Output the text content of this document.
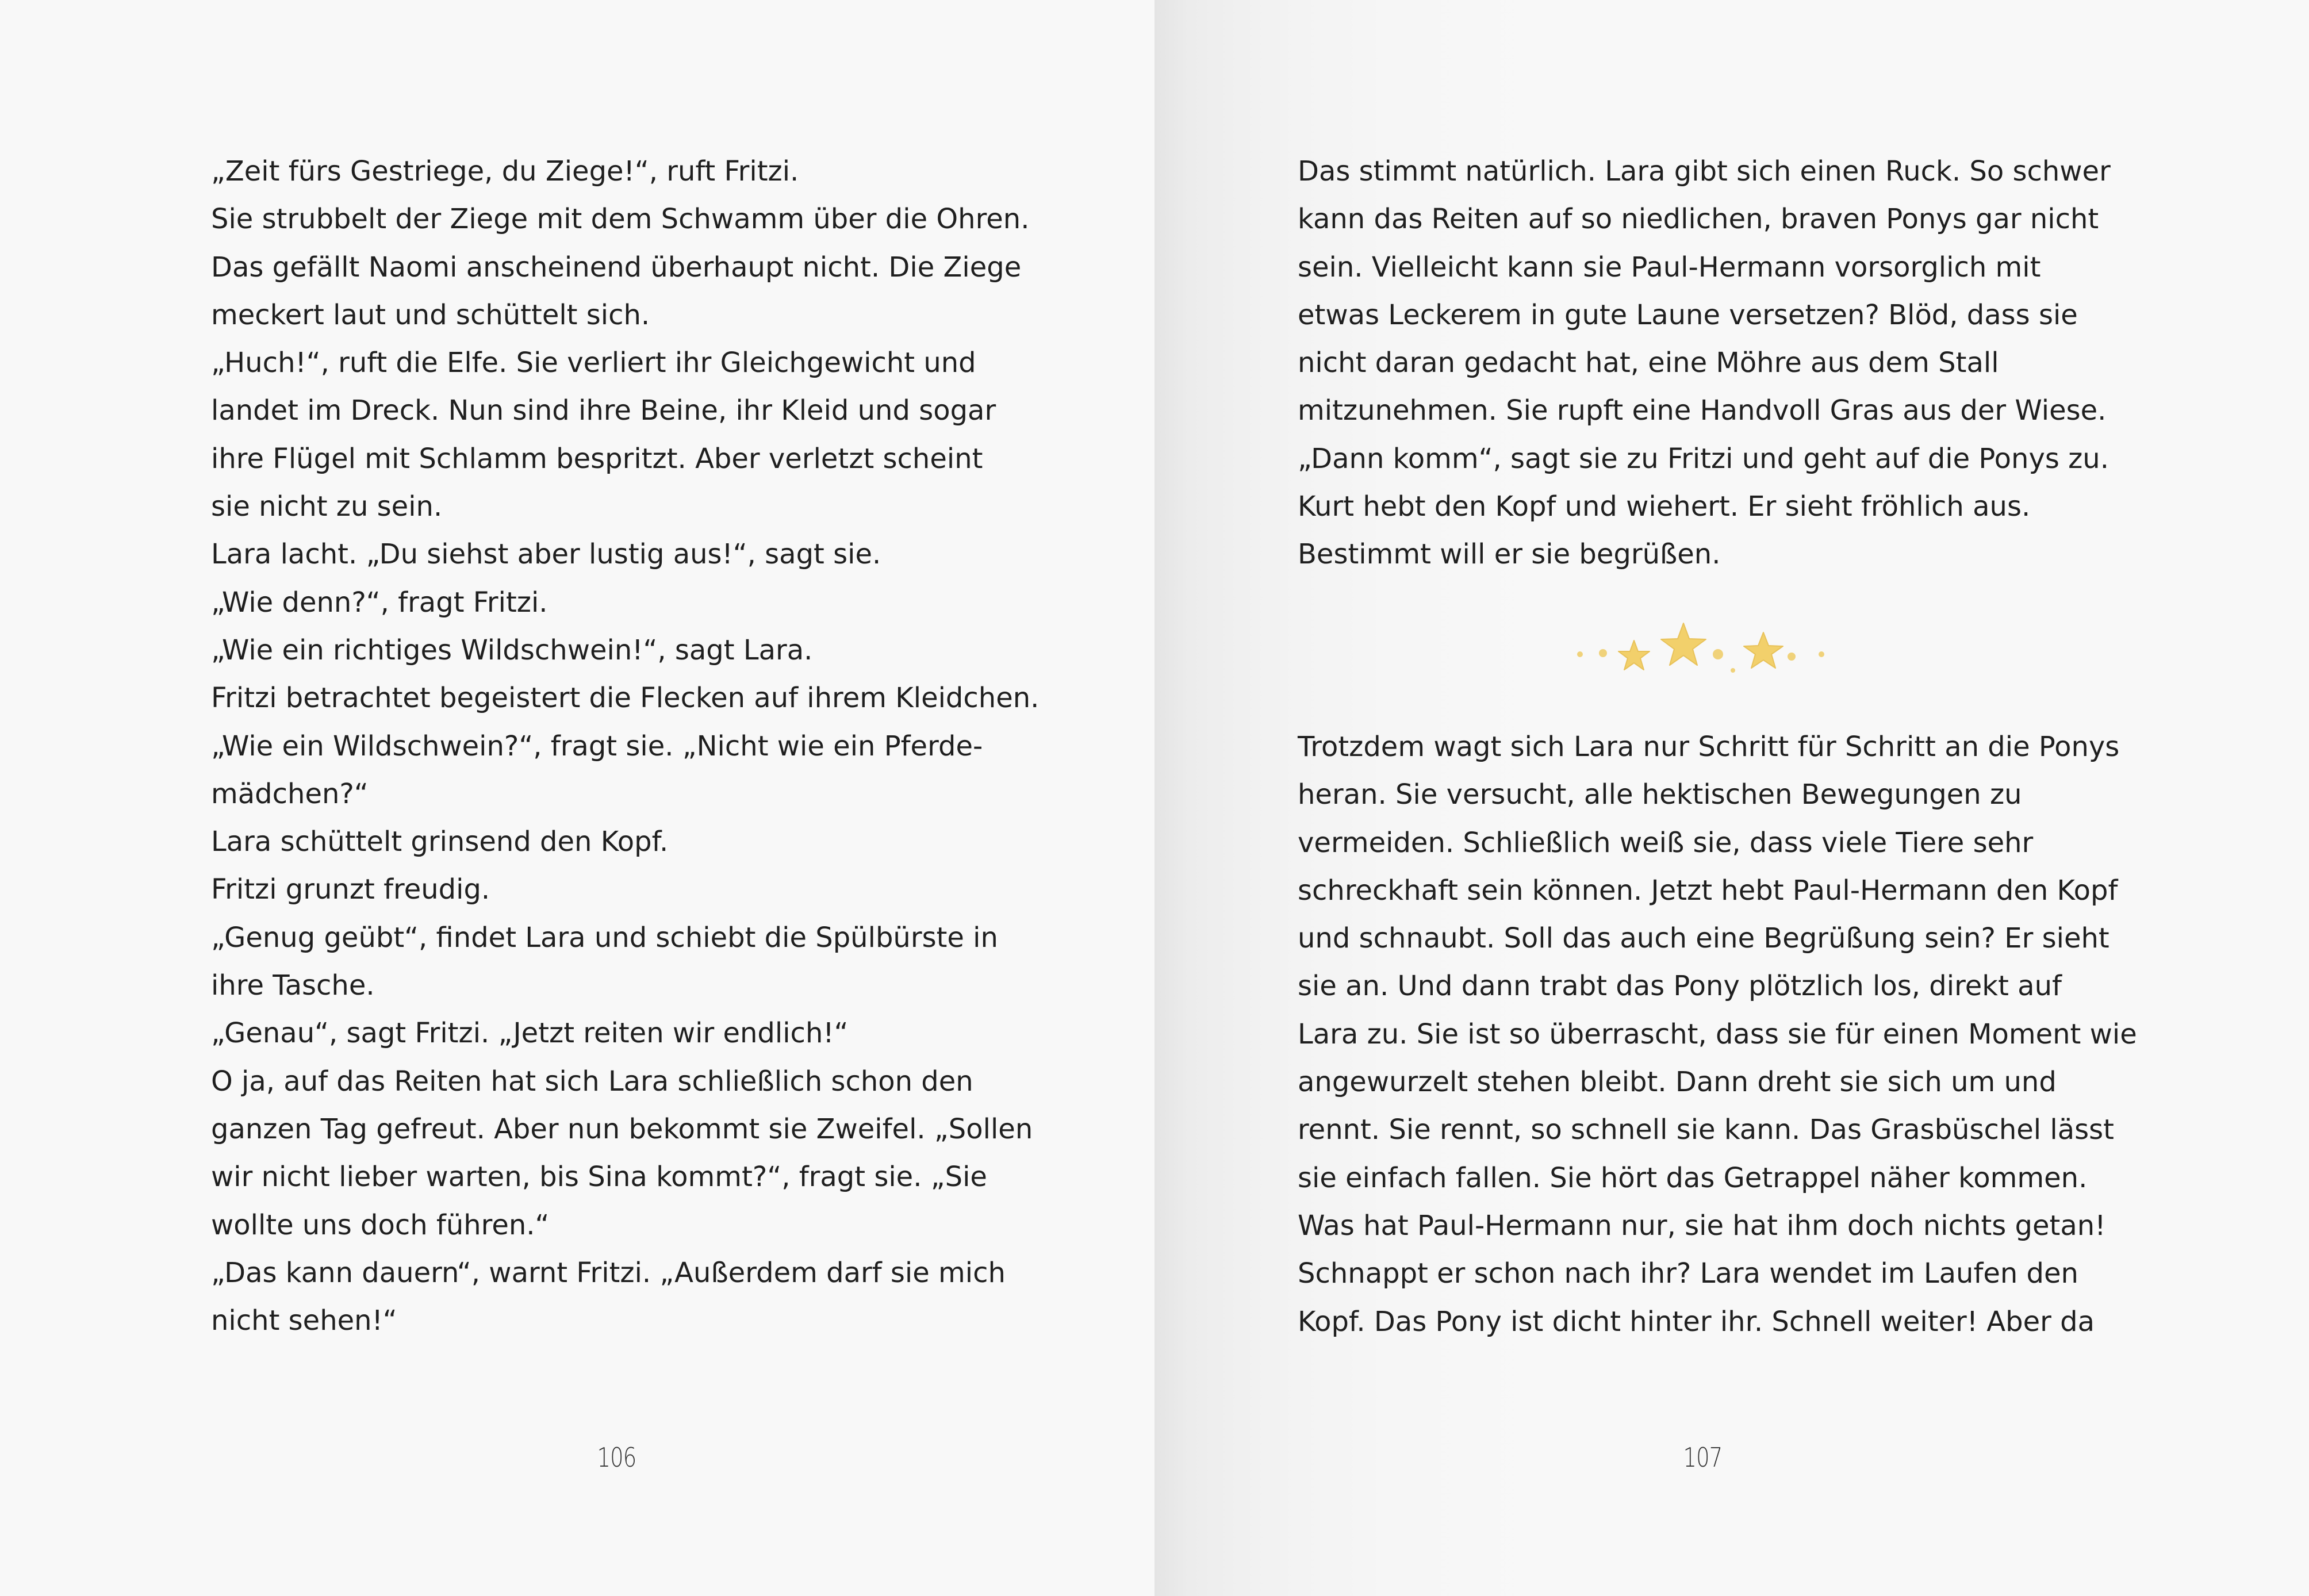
„Zeit fürs Gestriege, du Ziege!“, ruft Fritzi.
Sie strubbelt der Ziege mit dem Schwamm über die Ohren.
Das gefällt Naomi anscheinend überhaupt nicht. Die Ziege
meckert laut und schüttelt sich.
„Huch!“, ruft die Elfe. Sie verliert ihr Gleichgewicht und
landet im Dreck. Nun sind ihre Beine, ihr Kleid und sogar
ihre Flügel mit Schlamm bespritzt. Aber verletzt scheint
sie nicht zu sein.
Lara lacht. „Du siehst aber lustig aus!“, sagt sie.
„Wie denn?“, fragt Fritzi.
„Wie ein richtiges Wildschwein!“, sagt Lara.
Fritzi betrachtet begeistert die Flecken auf ihrem Kleidchen.
„Wie ein Wildschwein?“, fragt sie. „Nicht wie ein Pferde-
mädchen?“
Lara schüttelt grinsend den Kopf.
Fritzi grunzt freudig.
„Genug geübt“, findet Lara und schiebt die Spülbürste in
ihre Tasche.
„Genau“, sagt Fritzi. „Jetzt reiten wir endlich!“
O ja, auf das Reiten hat sich Lara schließlich schon den
ganzen Tag gefreut. Aber nun bekommt sie Zweifel. „Sollen
wir nicht lieber warten, bis Sina kommt?“, fragt sie. „Sie
wollte uns doch führen.“
„Das kann dauern“, warnt Fritzi. „Außerdem darf sie mich
nicht sehen!“
106
Das stimmt natürlich. Lara gibt sich einen Ruck. So schwer
kann das Reiten auf so niedlichen, braven Ponys gar nicht
sein. Vielleicht kann sie Paul-Hermann vorsorglich mit
etwas Leckerem in gute Laune versetzen? Blöd, dass sie
nicht daran gedacht hat, eine Möhre aus dem Stall
mitzunehmen. Sie rupft eine Handvoll Gras aus der Wiese.
„Dann komm“, sagt sie zu Fritzi und geht auf die Ponys zu.
Kurt hebt den Kopf und wiehert. Er sieht fröhlich aus.
Bestimmt will er sie begrüßen.
Trotzdem wagt sich Lara nur Schritt für Schritt an die Ponys
heran. Sie versucht, alle hektischen Bewegungen zu
vermeiden. Schließlich weiß sie, dass viele Tiere sehr
schreckhaft sein können. Jetzt hebt Paul-Hermann den Kopf
und schnaubt. Soll das auch eine Begrüßung sein? Er sieht
sie an. Und dann trabt das Pony plötzlich los, direkt auf
Lara zu. Sie ist so überrascht, dass sie für einen Moment wie
angewurzelt stehen bleibt. Dann dreht sie sich um und
rennt. Sie rennt, so schnell sie kann. Das Grasbüschel lässt
sie einfach fallen. Sie hört das Getrappel näher kommen.
Was hat Paul-Hermann nur, sie hat ihm doch nichts getan!
Schnappt er schon nach ihr? Lara wendet im Laufen den
Kopf. Das Pony ist dicht hinter ihr. Schnell weiter! Aber da
107
